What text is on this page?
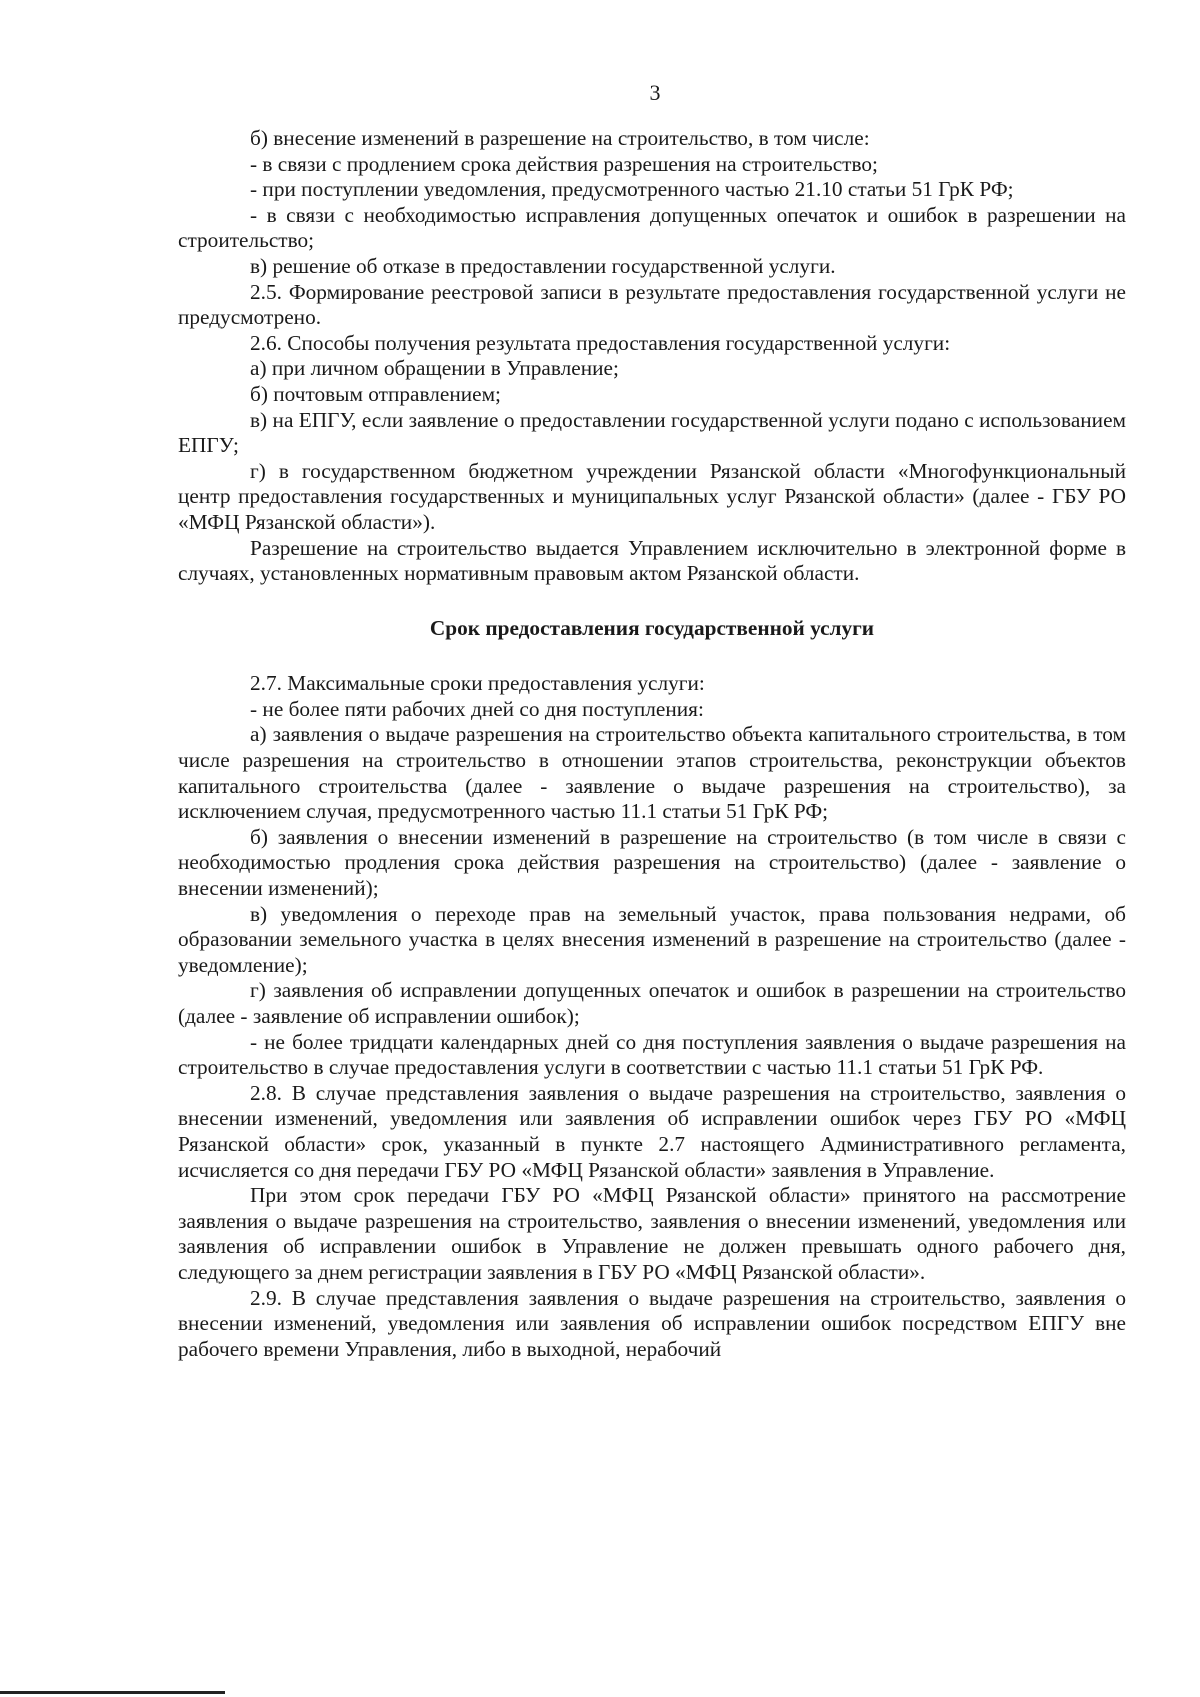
3

б) внесение изменений в разрешение на строительство, в том числе:

- в связи с продлением срока действия разрешения на строительство;

- при поступлении уведомления, предусмотренного частью 21.10 статьи 51 ГрК РФ;

- в связи с необходимостью исправления допущенных опечаток и ошибок в разрешении на строительство;

в) решение об отказе в предоставлении государственной услуги.

2.5. Формирование реестровой записи в результате предоставления государственной услуги не предусмотрено.

2.6. Способы получения результата предоставления государственной услуги:

а) при личном обращении в Управление;

б) почтовым отправлением;

в) на ЕПГУ, если заявление о предоставлении государственной услуги подано с использованием ЕПГУ;

г) в государственном бюджетном учреждении Рязанской области «Многофункциональный центр предоставления государственных и муниципальных услуг Рязанской области» (далее - ГБУ РО «МФЦ Рязанской области»).

Разрешение на строительство выдается Управлением исключительно в электронной форме в случаях, установленных нормативным правовым актом Рязанской области.

Срок предоставления государственной услуги

2.7. Максимальные сроки предоставления услуги:

- не более пяти рабочих дней со дня поступления:

а) заявления о выдаче разрешения на строительство объекта капитального строительства, в том числе разрешения на строительство в отношении этапов строительства, реконструкции объектов капитального строительства (далее - заявление о выдаче разрешения на строительство), за исключением случая, предусмотренного частью 11.1 статьи 51 ГрК РФ;

б) заявления о внесении изменений в разрешение на строительство (в том числе в связи с необходимостью продления срока действия разрешения на строительство) (далее - заявление о внесении изменений);

в) уведомления о переходе прав на земельный участок, права пользования недрами, об образовании земельного участка в целях внесения изменений в разрешение на строительство (далее - уведомление);

г) заявления об исправлении допущенных опечаток и ошибок в разрешении на строительство (далее - заявление об исправлении ошибок);

- не более тридцати календарных дней со дня поступления заявления о выдаче разрешения на строительство в случае предоставления услуги в соответствии с частью 11.1 статьи 51 ГрК РФ.

2.8. В случае представления заявления о выдаче разрешения на строительство, заявления о внесении изменений, уведомления или заявления об исправлении ошибок через ГБУ РО «МФЦ Рязанской области» срок, указанный в пункте 2.7 настоящего Административного регламента, исчисляется со дня передачи ГБУ РО «МФЦ Рязанской области» заявления в Управление.

При этом срок передачи ГБУ РО «МФЦ Рязанской области» принятого на рассмотрение заявления о выдаче разрешения на строительство, заявления о внесении изменений, уведомления или заявления об исправлении ошибок в Управление не должен превышать одного рабочего дня, следующего за днем регистрации заявления в ГБУ РО «МФЦ Рязанской области».

2.9. В случае представления заявления о выдаче разрешения на строительство, заявления о внесении изменений, уведомления или заявления об исправлении ошибок посредством ЕПГУ вне рабочего времени Управления, либо в выходной, нерабочий
